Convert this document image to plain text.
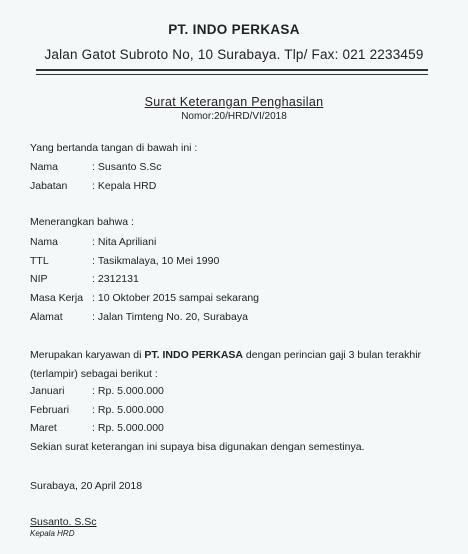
PT. INDO PERKASA
Jalan Gatot Subroto No, 10 Surabaya. Tlp/ Fax: 021 2233459
Surat Keterangan Penghasilan
Nomor:20/HRD/VI/2018
Yang bertanda tangan di bawah ini :
Nama	: Susanto S.Sc
Jabatan : Kepala HRD
Menerangkan bahwa :
Nama	: Nita Apriliani
TTL	: Tasikmalaya, 10 Mei 1990
NIP	: 2312131
Masa Kerja : 10 Oktober 2015 sampai sekarang
Alamat	: Jalan Timteng No. 20, Surabaya
Merupakan karyawan di PT. INDO PERKASA dengan perincian gaji 3 bulan terakhir (terlampir) sebagai berikut :
Januari	: Rp. 5.000.000
Februari : Rp. 5.000.000
Maret	: Rp. 5.000.000
Sekian surat keterangan ini supaya bisa digunakan dengan semestinya.
Surabaya, 20 April 2018
Susanto. S.Sc
Kepala HRD
